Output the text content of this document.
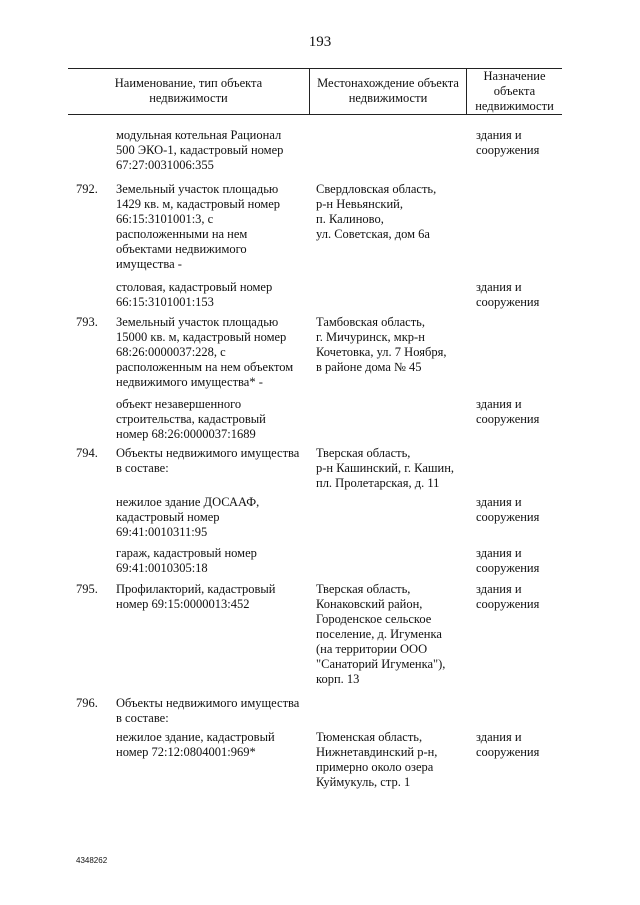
193
Наименование, тип объекта
недвижимости
Местонахождение объекта
недвижимости
Назначение
объекта
недвижимости
модульная котельная Рационал
500 ЭКО-1, кадастровый номер
67:27:0031006:355
здания и
сооружения
792. Земельный участок площадью
1429 кв. м, кадастровый номер
66:15:3101001:3, с
расположенными на нем
объектами недвижимого
имущества -
Свердловская область,
р-н Невьянский,
п. Калиново,
ул. Советская, дом 6а
столовая, кадастровый номер
66:15:3101001:153
здания и
сооружения
793. Земельный участок площадью
15000 кв. м, кадастровый номер
68:26:0000037:228, с
расположенным на нем объектом
недвижимого имущества* -
Тамбовская область,
г. Мичуринск, мкр-н
Кочетовка, ул. 7 Ноября,
в районе дома № 45
объект незавершенного
строительства, кадастровый
номер 68:26:0000037:1689
здания и
сооружения
794. Объекты недвижимого имущества
в составе:
Тверская область,
р-н Кашинский, г. Кашин,
пл. Пролетарская, д. 11
нежилое здание ДОСААФ,
кадастровый номер
69:41:0010311:95
здания и
сооружения
гараж, кадастровый номер
69:41:0010305:18
здания и
сооружения
795. Профилакторий, кадастровый
номер 69:15:0000013:452
Тверская область,
Конаковский район,
Городенское сельское
поселение, д. Игуменка
(на территории ООО
"Санаторий Игуменка"),
корп. 13
здания и
сооружения
796. Объекты недвижимого имущества
в составе:
нежилое здание, кадастровый
номер 72:12:0804001:969*
Тюменская область,
Нижнетавдинский р-н,
примерно около озера
Куймукуль, стр. 1
здания и
сооружения
4348262
